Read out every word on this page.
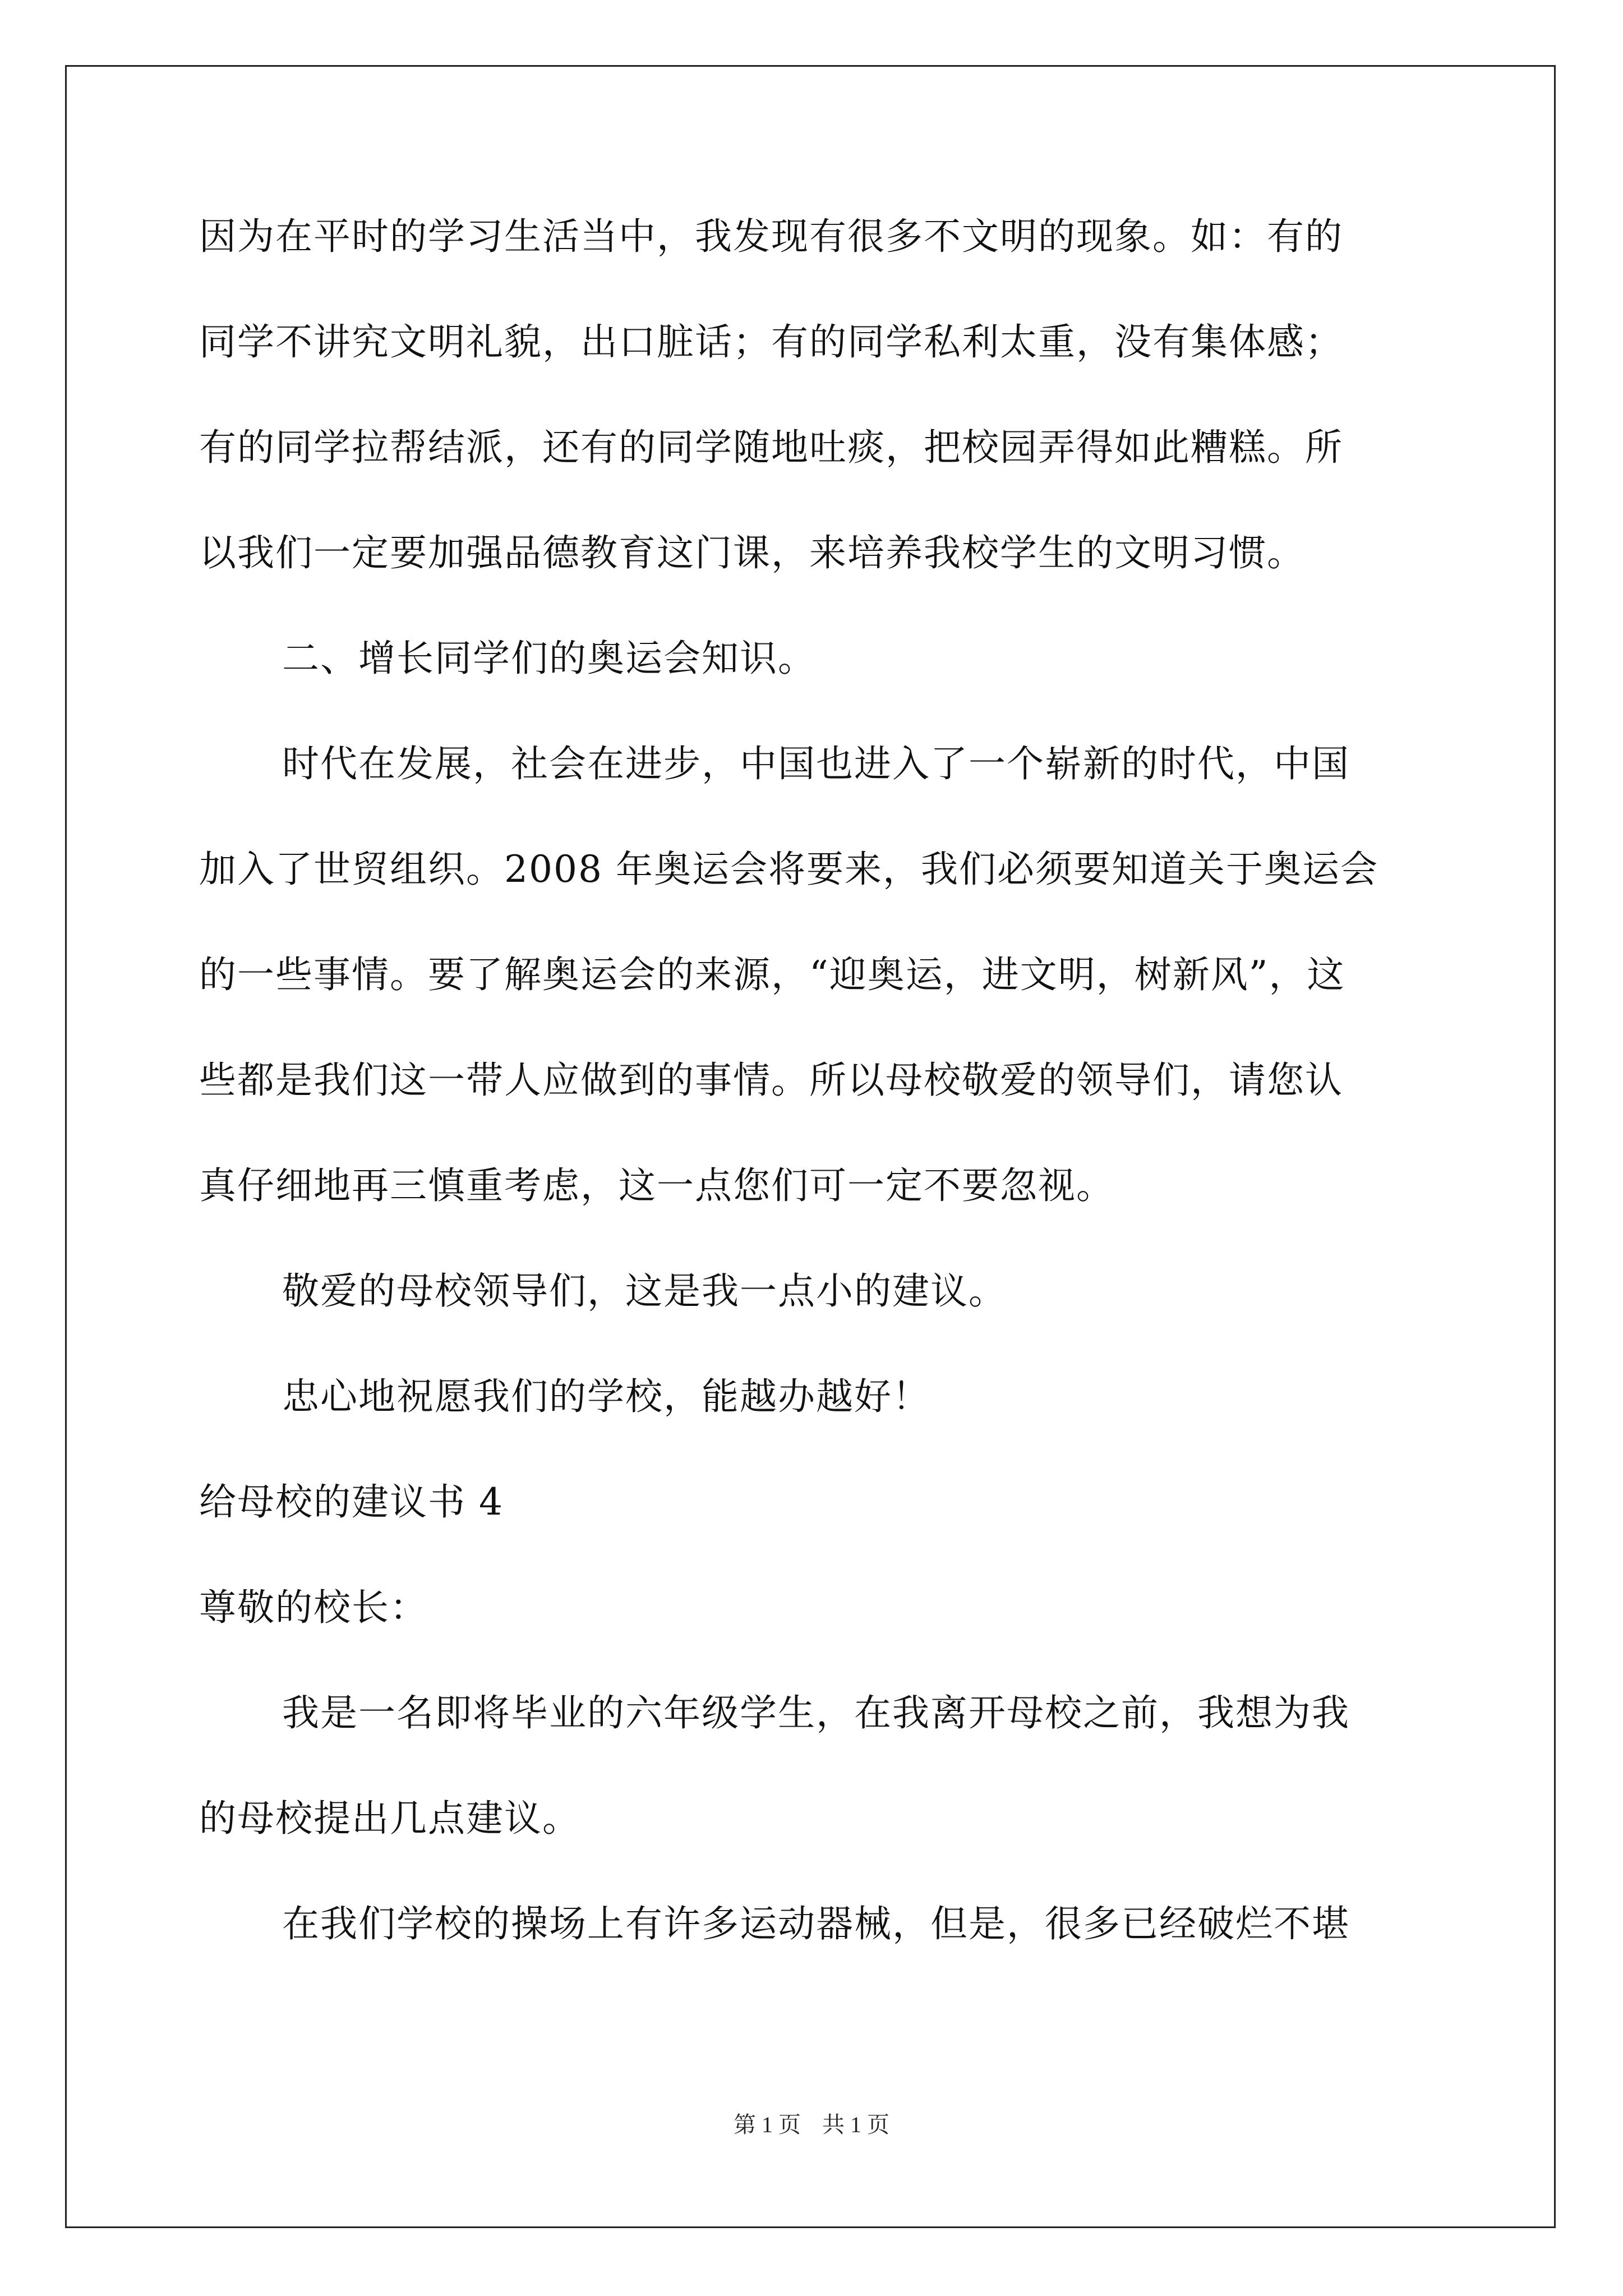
因为在平时的学习生活当中，我发现有很多不文明的现象。如：有的
同学不讲究文明礼貌，出口脏话；有的同学私利太重，没有集体感；
有的同学拉帮结派，还有的同学随地吐痰，把校园弄得如此糟糕。所
以我们一定要加强品德教育这门课，来培养我校学生的文明习惯。
二、增长同学们的奥运会知识。
时代在发展，社会在进步，中国也进入了一个崭新的时代，中国
加入了世贸组织。2008 年奥运会将要来，我们必须要知道关于奥运会
的一些事情。要了解奥运会的来源，“迎奥运，进文明，树新风”，这
些都是我们这一带人应做到的事情。所以母校敬爱的领导们，请您认
真仔细地再三慎重考虑，这一点您们可一定不要忽视。
敬爱的母校领导们，这是我一点小的建议。
忠心地祝愿我们的学校，能越办越好！
给母校的建议书 4
尊敬的校长：
我是一名即将毕业的六年级学生，在我离开母校之前，我想为我
的母校提出几点建议。
在我们学校的操场上有许多运动器械，但是，很多已经破烂不堪
第 1 页 共 1 页
